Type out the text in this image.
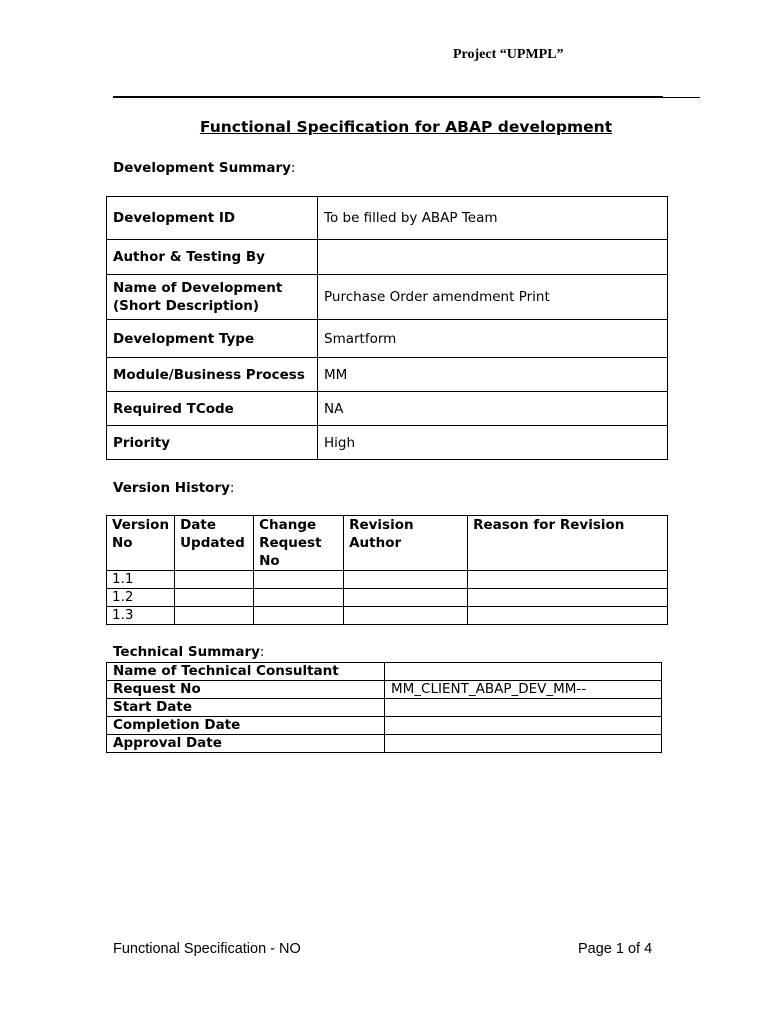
Project “UPMPL”
Functional Specification for ABAP development
Development Summary:
Development ID	To be filled by ABAP Team
Author & Testing By	
Name of Development (Short Description)	Purchase Order amendment Print
Development Type	Smartform
Module/Business Process	MM
Required TCode	NA
Priority	High
Version History:
Version No	Date Updated	Change Request No	Revision Author	Reason for Revision
1.1				
1.2				
1.3				
Technical Summary:
Name of Technical Consultant	
Request No	MM_CLIENT_ABAP_DEV_MM--
Start Date	
Completion Date	
Approval Date	
Functional Specification - NO	Page 1 of 4
